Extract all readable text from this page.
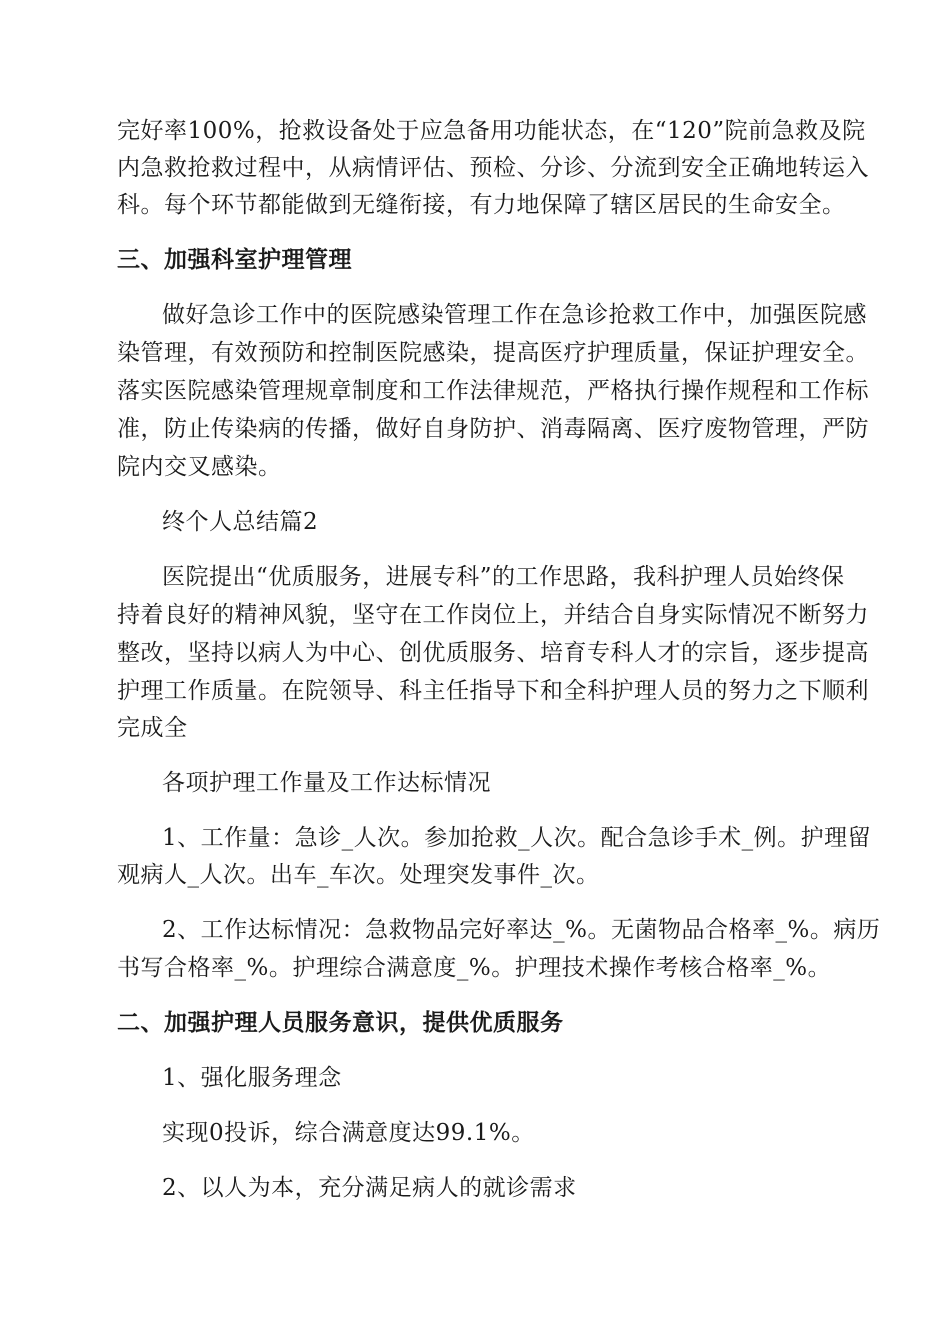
完好率100%，抢救设备处于应急备用功能状态，在“120”院前急救及院
内急救抢救过程中，从病情评估、预检、分诊、分流到安全正确地转运入
科。每个环节都能做到无缝衔接，有力地保障了辖区居民的生命安全。
三、加强科室护理管理
做好急诊工作中的医院感染管理工作在急诊抢救工作中，加强医院感
染管理，有效预防和控制医院感染，提高医疗护理质量，保证护理安全。
落实医院感染管理规章制度和工作法律规范，严格执行操作规程和工作标
准，防止传染病的传播，做好自身防护、消毒隔离、医疗废物管理，严防
院内交叉感染。
终个人总结篇2
医院提出“优质服务，进展专科”的工作思路，我科护理人员始终保
持着良好的精神风貌，坚守在工作岗位上，并结合自身实际情况不断努力
整改，坚持以病人为中心、创优质服务、培育专科人才的宗旨，逐步提高
护理工作质量。在院领导、科主任指导下和全科护理人员的努力之下顺利
完成全
各项护理工作量及工作达标情况
1、工作量：急诊_人次。参加抢救_人次。配合急诊手术_例。护理留
观病人_人次。出车_车次。处理突发事件_次。
2、工作达标情况：急救物品完好率达_%。无菌物品合格率_%。病历
书写合格率_%。护理综合满意度_%。护理技术操作考核合格率_%。
二、加强护理人员服务意识，提供优质服务
1、强化服务理念
实现0投诉，综合满意度达99.1%。
2、以人为本，充分满足病人的就诊需求
